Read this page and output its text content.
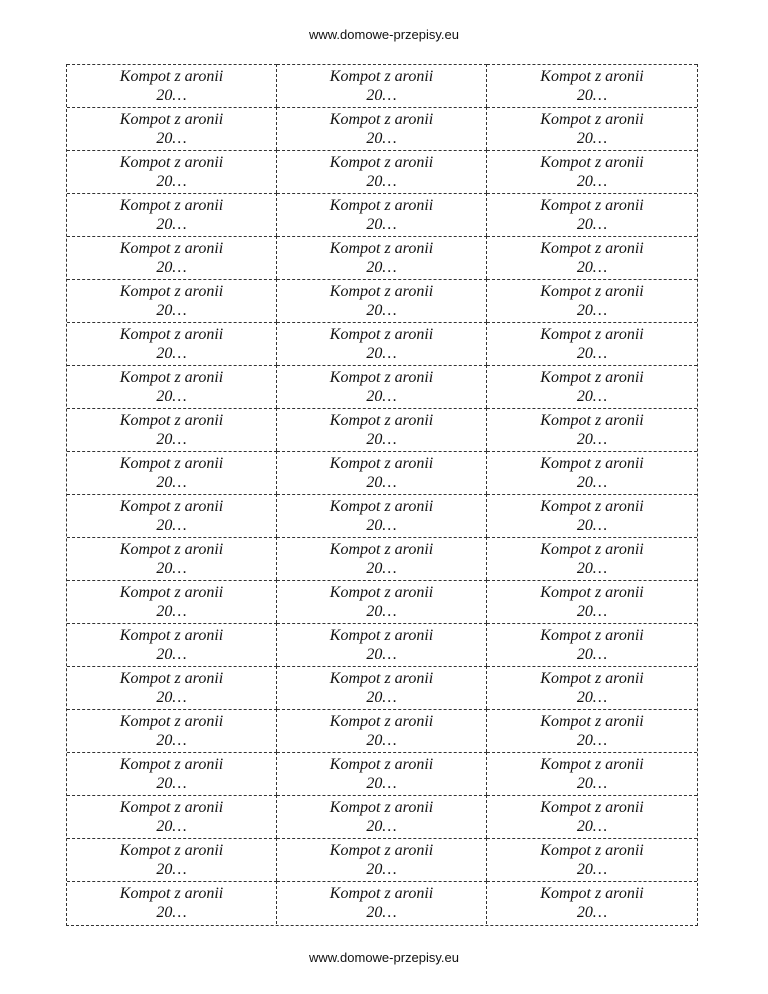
www.domowe-przepisy.eu
Kompot z aronii
20…
Kompot z aronii
20…
Kompot z aronii
20…
Kompot z aronii
20…
Kompot z aronii
20…
Kompot z aronii
20…
Kompot z aronii
20…
Kompot z aronii
20…
Kompot z aronii
20…
Kompot z aronii
20…
Kompot z aronii
20…
Kompot z aronii
20…
Kompot z aronii
20…
Kompot z aronii
20…
Kompot z aronii
20…
Kompot z aronii
20…
Kompot z aronii
20…
Kompot z aronii
20…
Kompot z aronii
20…
Kompot z aronii
20…
Kompot z aronii
20…
Kompot z aronii
20…
Kompot z aronii
20…
Kompot z aronii
20…
Kompot z aronii
20…
Kompot z aronii
20…
Kompot z aronii
20…
Kompot z aronii
20…
Kompot z aronii
20…
Kompot z aronii
20…
Kompot z aronii
20…
Kompot z aronii
20…
Kompot z aronii
20…
Kompot z aronii
20…
Kompot z aronii
20…
Kompot z aronii
20…
Kompot z aronii
20…
Kompot z aronii
20…
Kompot z aronii
20…
Kompot z aronii
20…
Kompot z aronii
20…
Kompot z aronii
20…
Kompot z aronii
20…
Kompot z aronii
20…
Kompot z aronii
20…
Kompot z aronii
20…
Kompot z aronii
20…
Kompot z aronii
20…
Kompot z aronii
20…
Kompot z aronii
20…
Kompot z aronii
20…
Kompot z aronii
20…
Kompot z aronii
20…
Kompot z aronii
20…
Kompot z aronii
20…
Kompot z aronii
20…
Kompot z aronii
20…
Kompot z aronii
20…
Kompot z aronii
20…
Kompot z aronii
20…
www.domowe-przepisy.eu
